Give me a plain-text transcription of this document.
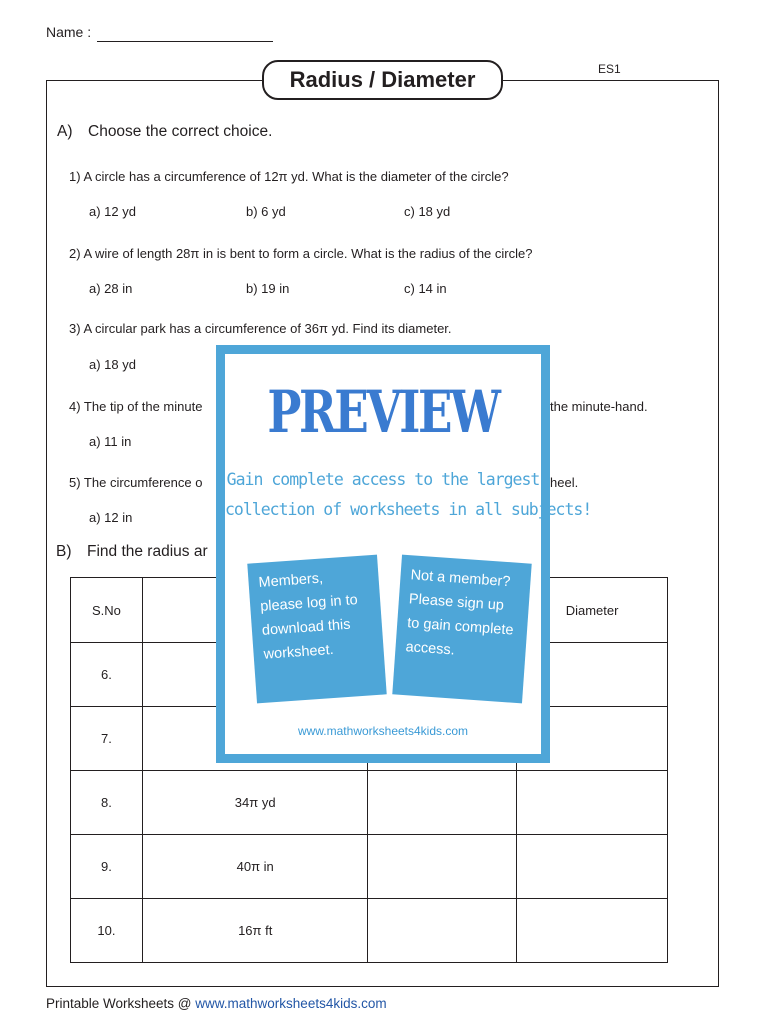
Name :
ES1
Radius / Diameter
A) Choose the correct choice.
1) A circle has a circumference of 12π yd. What is the diameter of the circle?
a) 12 yd	b) 6 yd	c) 18 yd
2) A wire of length 28π in is bent to form a circle. What is the radius of the circle?
a) 28 in	b) 19 in	c) 14 in
3) A circular park has a circumference of 36π yd. Find its diameter.
a) 18 yd
4) The tip of the minute	the minute-hand.
a) 11 in
5) The circumference o	heel.
a) 12 in
B) Find the radius ar
S.No			Diameter
6.			
7.			
8.	34π yd		
9.	40π in		
10.	16π ft		
PREVIEW
Gain complete access to the largest
collection of worksheets in all subjects!
Members, please log in to download this worksheet.
Not a member? Please sign up to gain complete access.
www.mathworksheets4kids.com
Printable Worksheets @ www.mathworksheets4kids.com
